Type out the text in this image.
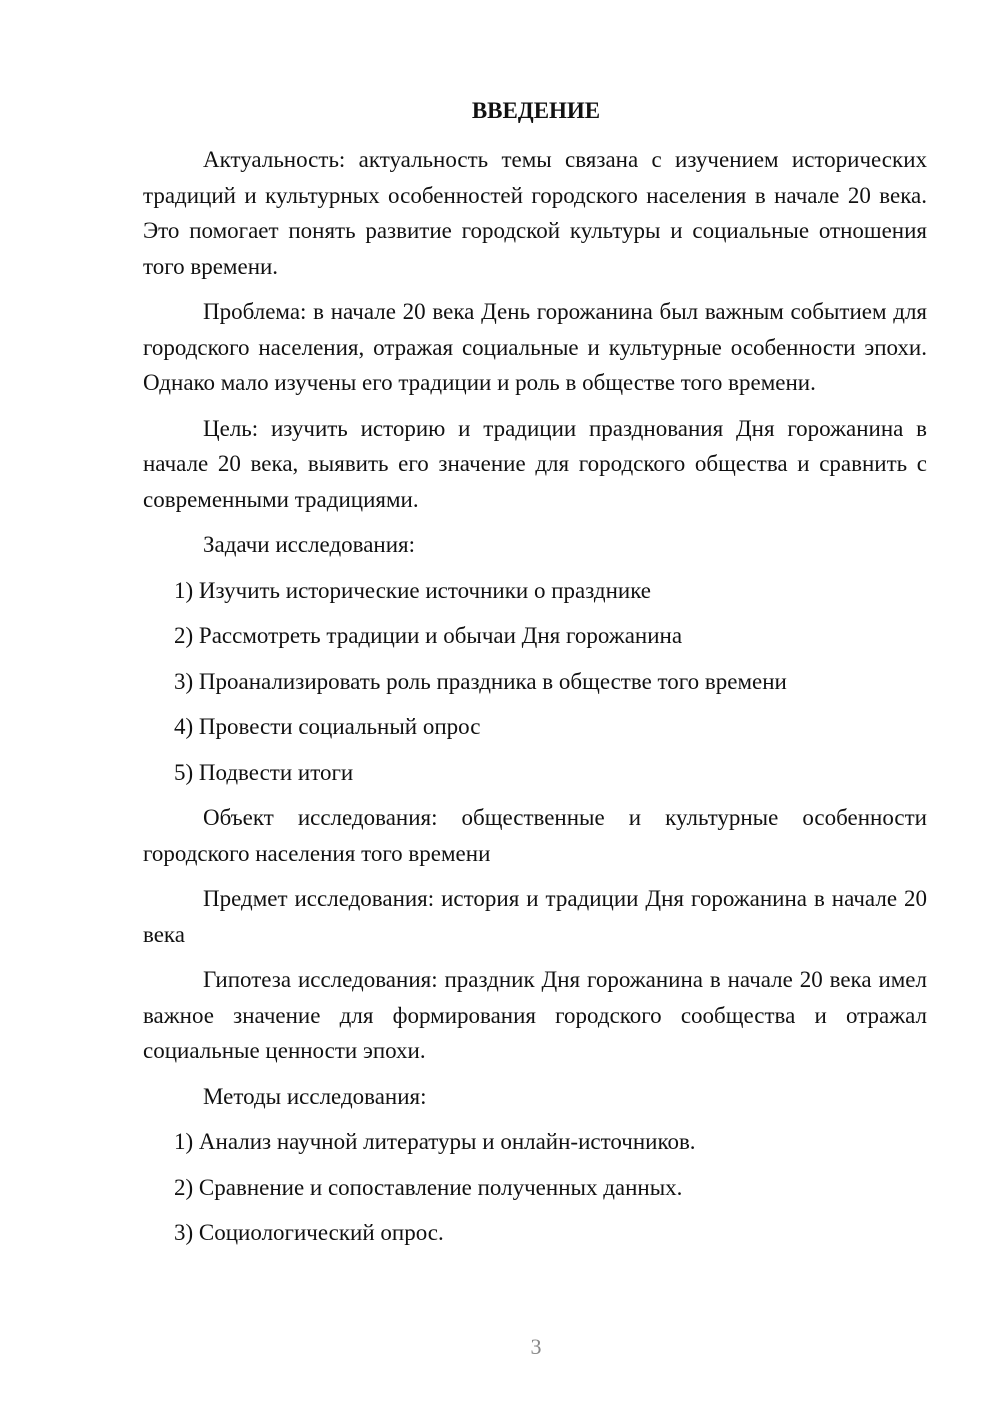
ВВЕДЕНИЕ

Актуальность: актуальность темы связана с изучением исторических традиций и культурных особенностей городского населения в начале 20 века. Это помогает понять развитие городской культуры и социальные отношения того времени.

Проблема: в начале 20 века День горожанина был важным событием для городского населения, отражая социальные и культурные особенности эпохи. Однако мало изучены его традиции и роль в обществе того времени.

Цель: изучить историю и традиции празднования Дня горожанина в начале 20 века, выявить его значение для городского общества и сравнить с современными традициями.

Задачи исследования:

1) Изучить исторические источники о празднике

2) Рассмотреть традиции и обычаи Дня горожанина

3) Проанализировать роль праздника в обществе того времени

4) Провести социальный опрос

5) Подвести итоги

Объект исследования: общественные и культурные особенности городского населения того времени

Предмет исследования: история и традиции Дня горожанина в начале 20 века

Гипотеза исследования: праздник Дня горожанина в начале 20 века имел важное значение для формирования городского сообщества и отражал социальные ценности эпохи.

Методы исследования:

1) Анализ научной литературы и онлайн-источников.

2) Сравнение и сопоставление полученных данных.

3) Социологический опрос.

3
